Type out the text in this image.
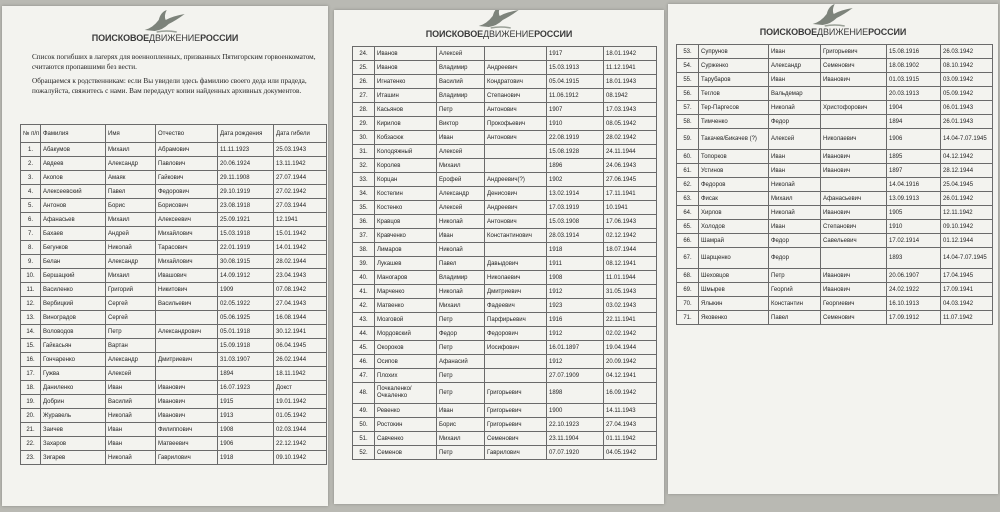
ПОИСКОВОЕДВИЖЕНИЕРОССИИ

Список погибших в лагерях для военнопленных, призванных Пятигорским горвоенкоматом, считаются пропавшими без вести.

Обращаемся к родственникам: если Вы увидели здесь фамилию своего деда или прадеда, пожалуйста, свяжитесь с нами. Вам передадут копии найденных архивных документов.

№ п/п	Фамилия	Имя	Отчество	Дата рождения	Дата гибели
1.	Абакумов	Михаил	Абрамович	11.11.1923	25.03.1943
2.	Авдеев	Александр	Павлович	20.06.1924	13.11.1942
3.	Акопов	Амаяк	Гайкович	29.11.1908	27.07.1944
4.	Алексеевский	Павел	Федорович	29.10.1919	27.02.1942
5.	Антонов	Борис	Борисович	23.08.1918	27.03.1944
6.	Афанасьев	Михаил	Алексеевич	25.09.1921	12.1941
7.	Бахаев	Андрей	Михайлович	15.03.1918	15.01.1942
8.	Бегунков	Николай	Тарасович	22.01.1919	14.01.1942
9.	Белан	Александр	Михайлович	30.08.1915	28.02.1944
10.	Бершацкий	Михаил	Ивашович	14.09.1912	23.04.1943
11.	Василенко	Григорий	Никитович	1909	07.08.1942
12.	Вербицкий	Сергей	Васильевич	02.05.1922	27.04.1943
13.	Виноградов	Сергей		05.06.1925	16.08.1944
14.	Воловодов	Петр	Александрович	05.01.1918	30.12.1941
15.	Гайкасьян	Вартан		15.09.1918	06.04.1945
16.	Гончаренко	Александр	Дмитриевич	31.03.1907	26.02.1944
17.	Гужва	Алексей		1894	18.11.1942
18.	Даниленко	Иван	Иванович	16.07.1923	Докст
19.	Добрин	Василий	Иванович	1915	19.01.1942
20.	Журавель	Николай	Иванович	1913	01.05.1942
21.	Заичев	Иван	Филиппович	1908	02.03.1944
22.	Захаров	Иван	Матвеевич	1906	22.12.1942
23.	Зигарев	Николай	Гаврилович	1918	09.10.1942
ПОИСКОВОЕДВИЖЕНИЕРОССИИ
24.	Иванов	Алексей		1917	18.01.1942
25.	Иванов	Владимир	Андреевич	15.03.1913	11.12.1941
26.	Игнатенко	Василий	Кондратович	05.04.1915	18.01.1943
27.	Иташин	Владимир	Степанович	11.06.1912	08.1942
28.	Касьянов	Петр	Антонович	1907	17.03.1943
29.	Кирилов	Виктор	Прокофьевич	1910	08.05.1942
30.	Кобзасюк	Иван	Антонович	22.08.1919	28.02.1942
31.	Колодяжный	Алексей		15.08.1928	24.11.1944
32.	Королев	Михаил		1896	24.06.1943
33.	Корцан	Ерофей	Андреевич(?)	1902	27.06.1945
34.	Костелин	Александр	Денисович	13.02.1914	17.11.1941
35.	Костенко	Алексей	Андреевич	17.03.1919	10.1941
36.	Кравцов	Николай	Антонович	15.03.1908	17.06.1943
37.	Кравченко	Иван	Константинович	28.03.1914	02.12.1942
38.	Лимаров	Николай		1918	18.07.1944
39.	Лукашев	Павел	Давыдович	1911	08.12.1941
40.	Маногаров	Владимир	Николаевич	1908	11.01.1944
41.	Марченко	Николай	Дмитриевич	1912	31.05.1943
42.	Матвенко	Михаил	Фадеевич	1923	03.02.1943
43.	Мозговой	Петр	Парфирьевич	1916	22.11.1941
44.	Мордовский	Федор	Федорович	1912	02.02.1942
45.	Окороков	Петр	Иосифович	16.01.1897	19.04.1944
46.	Осипов	Афанасий		1912	20.09.1942
47.	Плохих	Петр		27.07.1909	04.12.1941
48.	Почкаленко/ Очкаленко	Петр	Григорьевич	1898	16.09.1942
49.	Ревенко	Иван	Григорьевич	1900	14.11.1943
50.	Ростокин	Борис	Григорьевич	22.10.1923	27.04.1943
51.	Савченко	Михаил	Семенович	23.11.1904	01.11.1942
52.	Семенов	Петр	Гаврилович	07.07.1920	04.05.1942
ПОИСКОВОЕДВИЖЕНИЕРОССИИ
53.	Супрунов	Иван	Григорьевич	15.08.1916	26.03.1942
54.	Сурженко	Александр	Семенович	18.08.1902	08.10.1942
55.	Тарубаров	Иван	Иванович	01.03.1915	03.09.1942
56.	Теглов	Вальдемар		20.03.1913	05.09.1942
57.	Тер-Паргесов	Николай	Христофорович	1904	06.01.1943
58.	Тимченко	Федор		1894	26.01.1943
59.	Такачев/Бикачев (?)	Алексей	Николаевич	1906	14.04-7.07.1945
60.	Топорков	Иван	Иванович	1895	04.12.1942
61.	Устинов	Иван	Иванович	1897	28.12.1944
62.	Федоров	Николай		14.04.1916	25.04.1945
63.	Фисак	Михаил	Афанасьевич	13.09.1913	26.01.1942
64.	Хирлов	Николай	Иванович	1905	12.11.1942
65.	Холодов	Иван	Степанович	1910	09.10.1942
66.	Шамрай	Федор	Савельевич	17.02.1914	01.12.1944
67.	Шарщенко	Федор		1893	14.04-7.07.1945
68.	Шеховцов	Петр	Иванович	20.06.1907	17.04.1945
69.	Шмырев	Георгий	Иванович	24.02.1922	17.09.1941
70.	Ялыкин	Константин	Георгиевич	16.10.1913	04.03.1942
71.	Яковенко	Павел	Семенович	17.09.1912	11.07.1942
